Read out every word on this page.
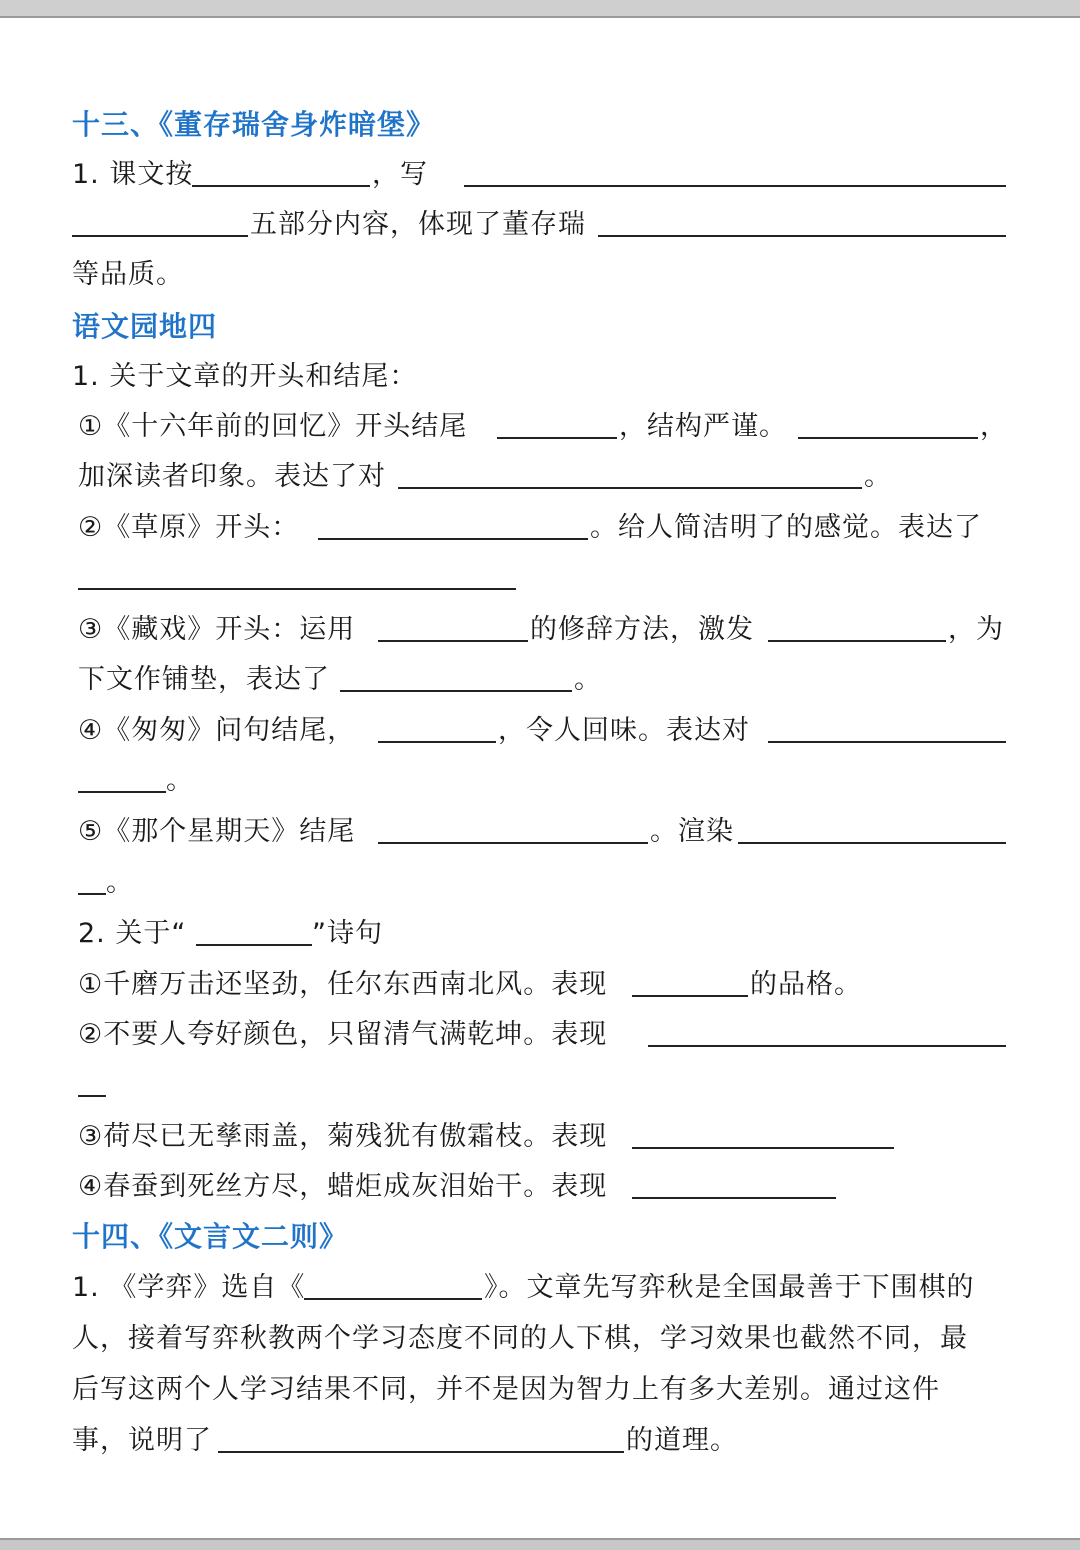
十三、《董存瑞舍身炸暗堡》
1. 课文按	，写
五部分内容，体现了董存瑞
等品质。
语文园地四
1. 关于文章的开头和结尾：
①《十六年前的回忆》开头结尾	，结构严谨。	，
加深读者印象。表达了对	。
②《草原》开头：	。给人简洁明了的感觉。表达了
③《藏戏》开头：运用	的修辞方法，激发	，为
下文作铺垫，表达了	。
④《匆匆》问句结尾，	，令人回味。表达对
。
⑤《那个星期天》结尾	。渲染
。
2. 关于“	”诗句
①千磨万击还坚劲，任尔东西南北风。表现	的品格。
②不要人夸好颜色，只留清气满乾坤。表现
③荷尽已无孳雨盖，菊残犹有傲霜枝。表现
④春蚕到死丝方尽，蜡炬成灰泪始干。表现
十四、《文言文二则》
1. 《学弈》选自《	》。文章先写弈秋是全国最善于下围棋的
人，接着写弈秋教两个学习态度不同的人下棋，学习效果也截然不同，最
后写这两个人学习结果不同，并不是因为智力上有多大差别。通过这件
事，说明了	的道理。
